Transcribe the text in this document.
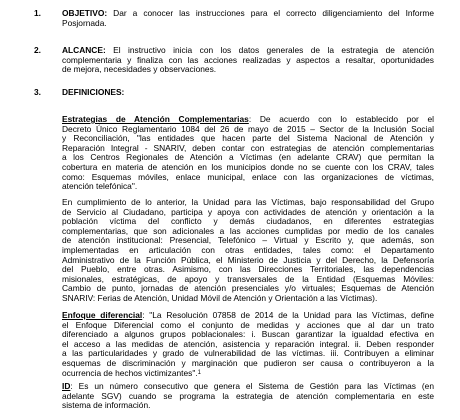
1.	OBJETIVO: Dar a conocer las instrucciones para el correcto diligenciamiento del Informe
Posjornada.
2.	ALCANCE: El instructivo inicia con los datos generales de la estrategia de atención
complementaria y finaliza con las acciones realizadas y aspectos a resaltar, oportunidades
de mejora, necesidades y observaciones.
3.	DEFINICIONES:
Estrategias de Atención Complementarias: De acuerdo con lo establecido por el
Decreto Único Reglamentario 1084 del 26 de mayo de 2015 – Sector de la Inclusión Social
y Reconciliación, "las entidades que hacen parte del Sistema Nacional de Atención y
Reparación Integral - SNARIV, deben contar con estrategias de atención complementarias
a los Centros Regionales de Atención a Víctimas (en adelante CRAV) que permitan la
cobertura en materia de atención en los municipios donde no se cuente con los CRAV, tales
como: Esquemas móviles, enlace municipal, enlace con las organizaciones de víctimas,
atención telefónica".
En cumplimiento de lo anterior, la Unidad para las Víctimas, bajo responsabilidad del Grupo
de Servicio al Ciudadano, participa y apoya con actividades de atención y orientación a la
población víctima del conflicto y demás ciudadanos, en diferentes estrategias
complementarias, que son adicionales a las acciones cumplidas por medio de los canales
de atención institucional: Presencial, Telefónico – Virtual y Escrito y, que además, son
implementadas en articulación con otras entidades, tales como: el Departamento
Administrativo de la Función Pública, el Ministerio de Justicia y del Derecho, la Defensoría
del Pueblo, entre otras. Asimismo, con las Direcciones Territoriales, las dependencias
misionales, estratégicas, de apoyo y transversales de la Entidad (Esquemas Móviles:
Cambio de punto, jornadas de atención presenciales y/o virtuales; Esquemas de Atención
SNARIV: Ferias de Atención, Unidad Móvil de Atención y Orientación a las Víctimas).
Enfoque diferencial: "La Resolución 07858 de 2014 de la Unidad para las Víctimas, define
el Enfoque Diferencial como el conjunto de medidas y acciones que al dar un trato
diferenciado a algunos grupos poblacionales: i. Buscan garantizar la igualdad efectiva en
el acceso a las medidas de atención, asistencia y reparación integral. ii. Deben responder
a las particularidades y grado de vulnerabilidad de las víctimas. iii. Contribuyen a eliminar
esquemas de discriminación y marginación que pudieron ser causa o contribuyeron a la
ocurrencia de hechos victimizantes".$^1$
ID: Es un número consecutivo que genera el Sistema de Gestión para las Víctimas (en
adelante SGV) cuando se programa la estrategia de atención complementaria en este
sistema de información.
